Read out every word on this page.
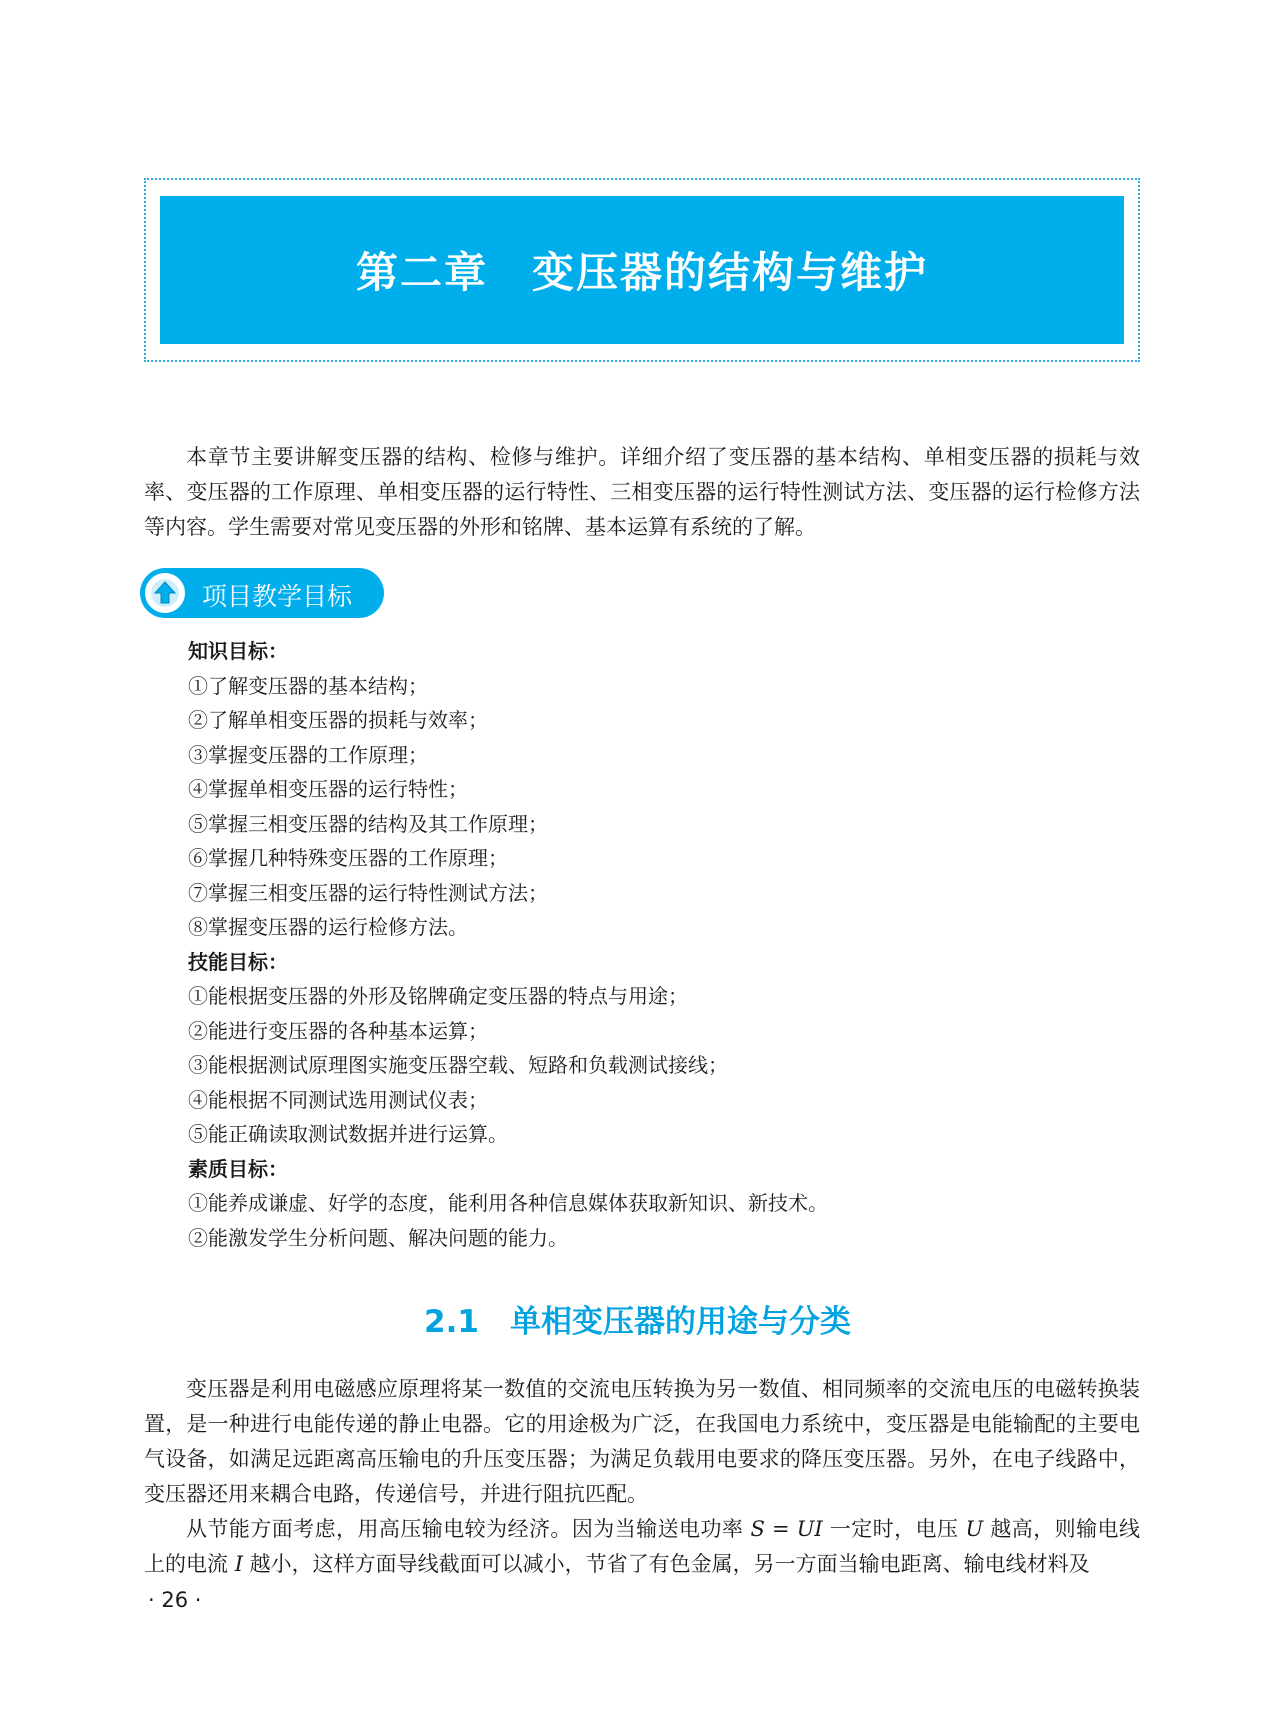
第二章　变压器的结构与维护

本章节主要讲解变压器的结构、检修与维护。详细介绍了变压器的基本结构、单相变压器的损耗与效率、变压器的工作原理、单相变压器的运行特性、三相变压器的运行特性测试方法、变压器的运行检修方法等内容。学生需要对常见变压器的外形和铭牌、基本运算有系统的了解。

项目教学目标
知识目标：
①了解变压器的基本结构；
②了解单相变压器的损耗与效率；
③掌握变压器的工作原理；
④掌握单相变压器的运行特性；
⑤掌握三相变压器的结构及其工作原理；
⑥掌握几种特殊变压器的工作原理；
⑦掌握三相变压器的运行特性测试方法；
⑧掌握变压器的运行检修方法。
技能目标：
①能根据变压器的外形及铭牌确定变压器的特点与用途；
②能进行变压器的各种基本运算；
③能根据测试原理图实施变压器空载、短路和负载测试接线；
④能根据不同测试选用测试仪表；
⑤能正确读取测试数据并进行运算。
素质目标：
①能养成谦虚、好学的态度，能利用各种信息媒体获取新知识、新技术。
②能激发学生分析问题、解决问题的能力。
2.1　单相变压器的用途与分类

变压器是利用电磁感应原理将某一数值的交流电压转换为另一数值、相同频率的交流电压的电磁转换装置，是一种进行电能传递的静止电器。它的用途极为广泛，在我国电力系统中，变压器是电能输配的主要电气设备，如满足远距离高压输电的升压变压器；为满足负载用电要求的降压变压器。另外，在电子线路中，变压器还用来耦合电路，传递信号，并进行阻抗匹配。

从节能方面考虑，用高压输电较为经济。因为当输送电功率 S = UI 一定时，电压 U 越高，则输电线上的电流 I 越小，这样方面导线截面可以减小，节省了有色金属，另一方面当输电距离、输电线材料及

· 26 ·
